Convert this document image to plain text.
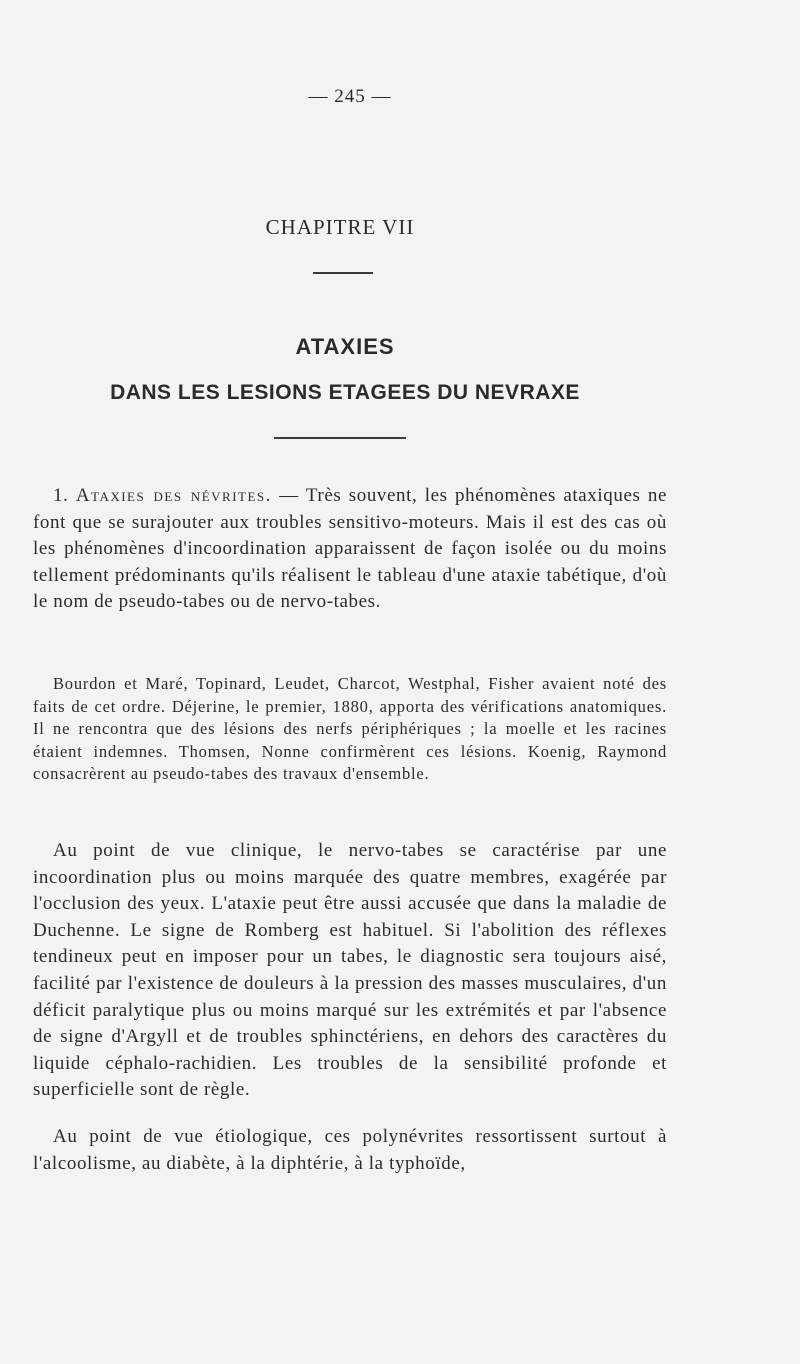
— 245 —
CHAPITRE VII
ATAXIES
DANS LES LESIONS ETAGEES DU NEVRAXE

1. Ataxies des névrites. — Très souvent, les phénomènes ataxiques ne font que se surajouter aux troubles sensitivo-moteurs. Mais il est des cas où les phénomènes d'incoordination apparaissent de façon isolée ou du moins tellement prédominants qu'ils réalisent le tableau d'une ataxie tabétique, d'où le nom de pseudo-tabes ou de nervo-tabes.

Bourdon et Maré, Topinard, Leudet, Charcot, Westphal, Fisher avaient noté des faits de cet ordre. Déjerine, le premier, 1880, apporta des vérifications anatomiques. Il ne rencontra que des lésions des nerfs périphériques ; la moelle et les racines étaient indemnes. Thomsen, Nonne confirmèrent ces lésions. Koenig, Raymond consacrèrent au pseudo-tabes des travaux d'ensemble.

Au point de vue clinique, le nervo-tabes se caractérise par une incoordination plus ou moins marquée des quatre membres, exagérée par l'occlusion des yeux. L'ataxie peut être aussi accusée que dans la maladie de Duchenne. Le signe de Romberg est habituel. Si l'abolition des réflexes tendineux peut en imposer pour un tabes, le diagnostic sera toujours aisé, facilité par l'existence de douleurs à la pression des masses musculaires, d'un déficit paralytique plus ou moins marqué sur les extrémités et par l'absence de signe d'Argyll et de troubles sphinctériens, en dehors des caractères du liquide céphalo-rachidien. Les troubles de la sensibilité profonde et superficielle sont de règle.

Au point de vue étiologique, ces polynévrites ressortissent surtout à l'alcoolisme, au diabète, à la diphtérie, à la typhoïde,
